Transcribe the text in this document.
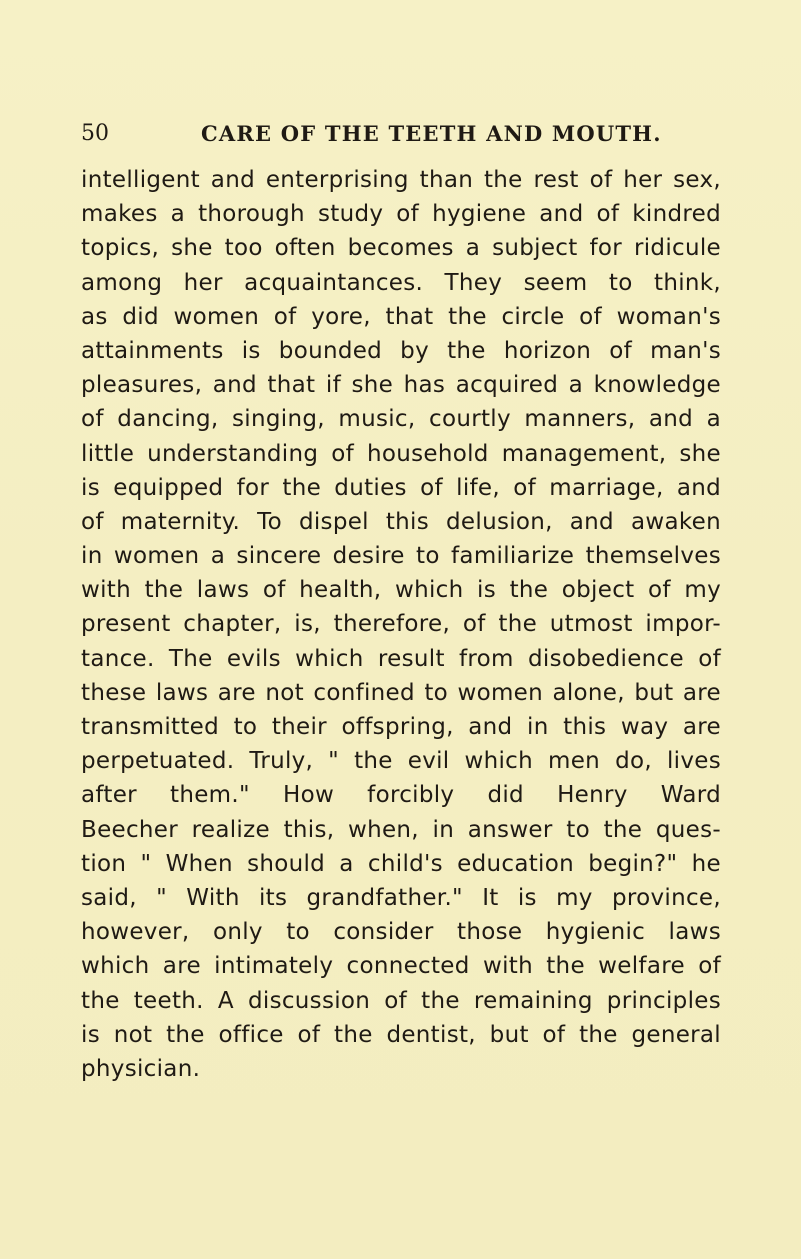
50	CARE OF THE TEETH AND MOUTH.
intelligent and enterprising than the rest of her sex,
makes a thorough study of hygiene and of kindred
topics, she too often becomes a subject for ridicule
among her acquaintances. They seem to think,
as did women of yore, that the circle of woman's
attainments is bounded by the horizon of man's
pleasures, and that if she has acquired a knowledge
of dancing, singing, music, courtly manners, and a
little understanding of household management, she
is equipped for the duties of life, of marriage, and
of maternity. To dispel this delusion, and awaken
in women a sincere desire to familiarize themselves
with the laws of health, which is the object of my
present chapter, is, therefore, of the utmost impor-
tance. The evils which result from disobedience of
these laws are not confined to women alone, but are
transmitted to their offspring, and in this way are
perpetuated. Truly, " the evil which men do, lives
after them." How forcibly did Henry Ward
Beecher realize this, when, in answer to the ques-
tion " When should a child's education begin?" he
said, " With its grandfather." It is my province,
however, only to consider those hygienic laws
which are intimately connected with the welfare of
the teeth. A discussion of the remaining principles
is not the office of the dentist, but of the general
physician.
